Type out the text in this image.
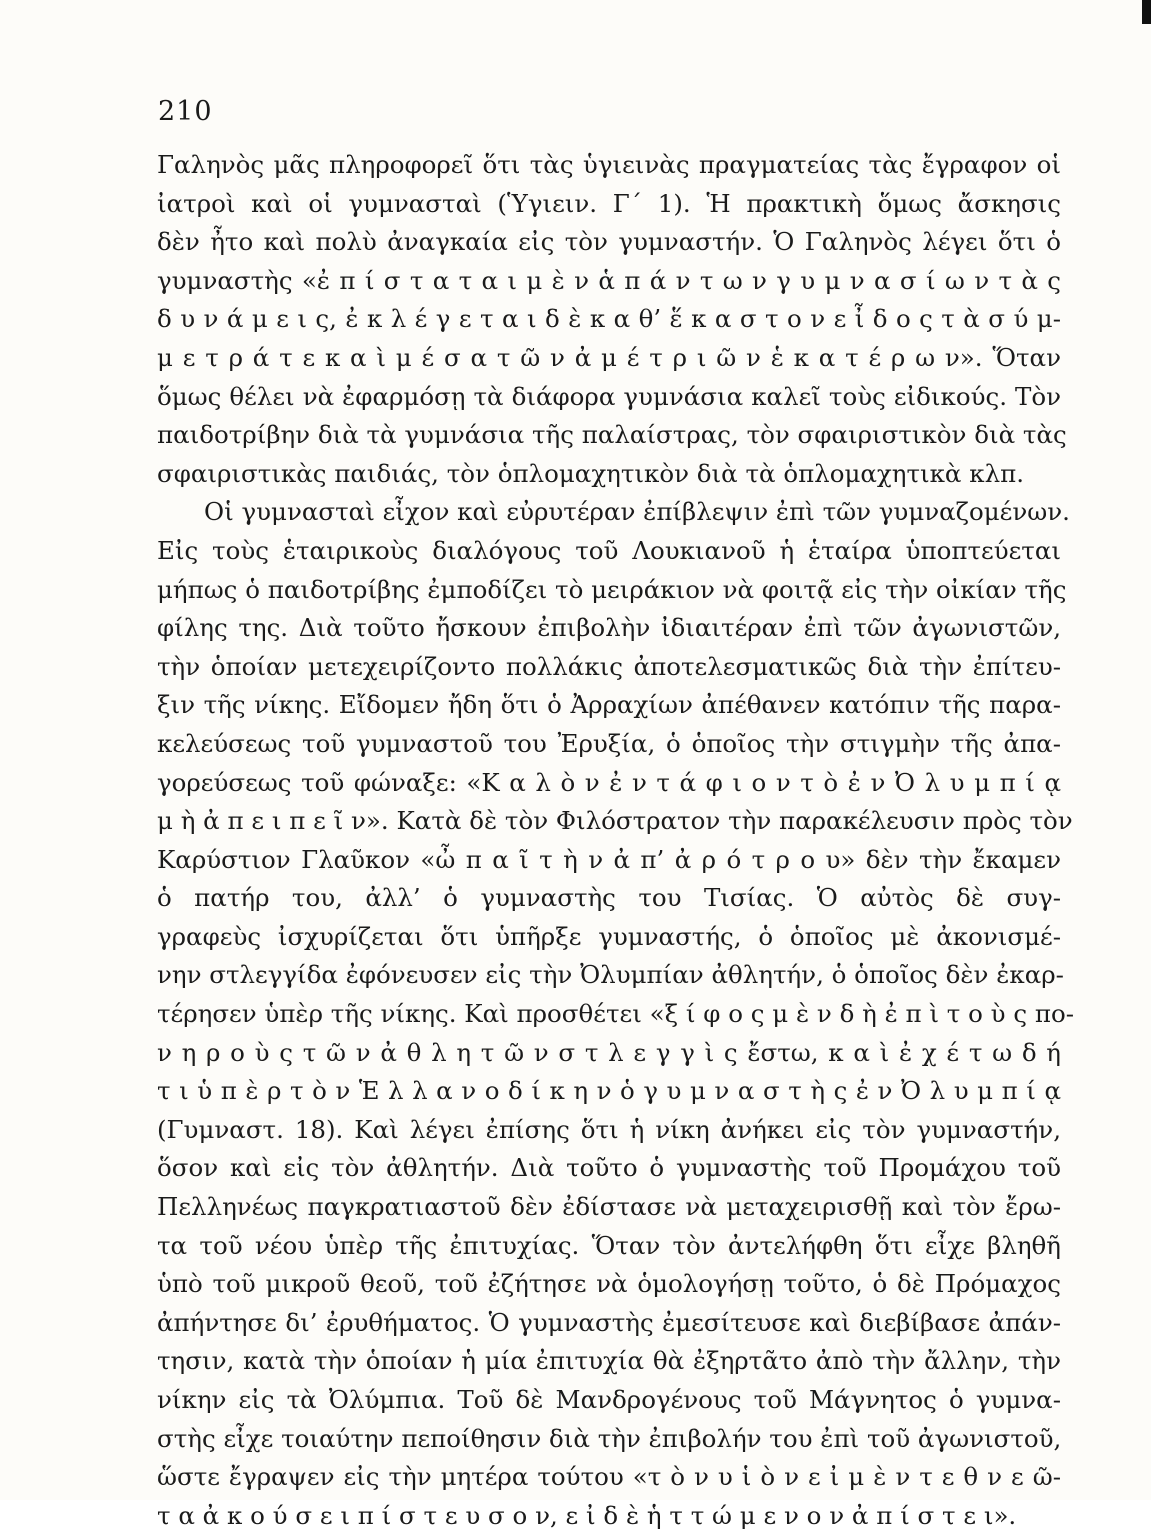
210
Γαληνὸς μᾶς πληροφορεῖ ὅτι τὰς ὑγιεινὰς πραγματείας τὰς ἔγραφον οἱ
ἰατροὶ καὶ οἱ γυμνασταὶ (Ὑγιειν. Γ΄ 1). Ἡ πρακτικὴ ὅμως ἄσκησις
δὲν ἦτο καὶ πολὺ ἀναγκαία εἰς τὸν γυμναστήν. Ὁ Γαληνὸς λέγει ὅτι ὁ
γυμναστὴς «ἐ π ί σ τ α τ α ι μ ὲ ν ἁ π ά ν τ ω ν γ υ μ ν α σ ί ω ν τ ὰ ς
δ υ ν ά μ ε ι ς, ἐ κ λ έ γ ε τ α ι δ ὲ κ α θ’ ἕ κ α σ τ ο ν ε ἶ δ ο ς τ ὰ σ ύ μ-
μ ε τ ρ ά τ ε κ α ὶ μ έ σ α τ ῶ ν ἀ μ έ τ ρ ι ῶ ν ἑ κ α τ έ ρ ω ν». Ὅταν
ὅμως θέλει νὰ ἐφαρμόσῃ τὰ διάφορα γυμνάσια καλεῖ τοὺς εἰδικούς. Τὸν
παιδοτρίβην διὰ τὰ γυμνάσια τῆς παλαίστρας, τὸν σφαιριστικὸν διὰ τὰς
σφαιριστικὰς παιδιάς, τὸν ὁπλομαχητικὸν διὰ τὰ ὁπλομαχητικὰ κλπ.
Οἱ γυμνασταὶ εἶχον καὶ εὐρυτέραν ἐπίβλεψιν ἐπὶ τῶν γυμναζομένων.
Εἰς τοὺς ἑταιρικοὺς διαλόγους τοῦ Λουκιανοῦ ἡ ἑταίρα ὑποπτεύεται
μήπως ὁ παιδοτρίβης ἐμποδίζει τὸ μειράκιον νὰ φοιτᾷ εἰς τὴν οἰκίαν τῆς
φίλης της. Διὰ τοῦτο ἤσκουν ἐπιβολὴν ἰδιαιτέραν ἐπὶ τῶν ἀγωνιστῶν,
τὴν ὁποίαν μετεχειρίζοντο πολλάκις ἀποτελεσματικῶς διὰ τὴν ἐπίτευ-
ξιν τῆς νίκης. Εἴδομεν ἤδη ὅτι ὁ Ἀρραχίων ἀπέθανεν κατόπιν τῆς παρα-
κελεύσεως τοῦ γυμναστοῦ του Ἐρυξία, ὁ ὁποῖος τὴν στιγμὴν τῆς ἀπα-
γορεύσεως τοῦ φώναξε: «Κ α λ ὸ ν ἐ ν τ ά φ ι ο ν τ ὸ ἐ ν Ὀ λ υ μ π ί ᾳ
μ ὴ ἀ π ε ι π ε ῖ ν». Κατὰ δὲ τὸν Φιλόστρατον τὴν παρακέλευσιν πρὸς τὸν
Καρύστιον Γλαῦκον «ὦ π α ῖ τ ὴ ν ἀ π’ ἀ ρ ό τ ρ ο υ» δὲν τὴν ἔκαμεν
ὁ πατήρ του, ἀλλ’ ὁ γυμναστὴς του Τισίας. Ὁ αὐτὸς δὲ συγ-
γραφεὺς ἰσχυρίζεται ὅτι ὑπῆρξε γυμναστής, ὁ ὁποῖος μὲ ἀκονισμέ-
νην στλεγγίδα ἐφόνευσεν εἰς τὴν Ὀλυμπίαν ἀθλητήν, ὁ ὁποῖος δὲν ἐκαρ-
τέρησεν ὑπὲρ τῆς νίκης. Καὶ προσθέτει «ξ ί φ ο ς μ ὲ ν δ ὴ ἐ π ὶ τ ο ὺ ς πο-
ν η ρ ο ὺ ς τ ῶ ν ἀ θ λ η τ ῶ ν σ τ λ ε γ γ ὶ ς ἔστω, κ α ὶ ἐ χ έ τ ω δ ή
τ ι ὑ π ὲ ρ τ ὸ ν Ἑ λ λ α ν ο δ ί κ η ν ὁ γ υ μ ν α σ τ ὴ ς ἐ ν Ὀ λ υ μ π ί ᾳ
(Γυμναστ. 18). Καὶ λέγει ἐπίσης ὅτι ἡ νίκη ἀνήκει εἰς τὸν γυμναστήν,
ὅσον καὶ εἰς τὸν ἀθλητήν. Διὰ τοῦτο ὁ γυμναστὴς τοῦ Προμάχου τοῦ
Πελληνέως παγκρατιαστοῦ δὲν ἐδίστασε νὰ μεταχειρισθῇ καὶ τὸν ἔρω-
τα τοῦ νέου ὑπὲρ τῆς ἐπιτυχίας. Ὅταν τὸν ἀντελήφθη ὅτι εἶχε βληθῆ
ὑπὸ τοῦ μικροῦ θεοῦ, τοῦ ἐζήτησε νὰ ὁμολογήσῃ τοῦτο, ὁ δὲ Πρόμαχος
ἀπήντησε δι’ ἐρυθήματος. Ὁ γυμναστὴς ἐμεσίτευσε καὶ διεβίβασε ἀπάν-
τησιν, κατὰ τὴν ὁποίαν ἡ μία ἐπιτυχία θὰ ἐξηρτᾶτο ἀπὸ τὴν ἄλλην, τὴν
νίκην εἰς τὰ Ὀλύμπια. Τοῦ δὲ Μανδρογένους τοῦ Μάγνητος ὁ γυμνα-
στὴς εἶχε τοιαύτην πεποίθησιν διὰ τὴν ἐπιβολήν του ἐπὶ τοῦ ἀγωνιστοῦ,
ὥστε ἔγραψεν εἰς τὴν μητέρα τούτου «τ ὸ ν υ ἱ ὸ ν ε ἰ μ ὲ ν τ ε θ ν ε ῶ-
τ α ἀ κ ο ύ σ ε ι π ί σ τ ε υ σ ο ν, ε ἰ δ ὲ ἡ τ τ ώ μ ε ν ο ν ἀ π ί σ τ ε ι».
